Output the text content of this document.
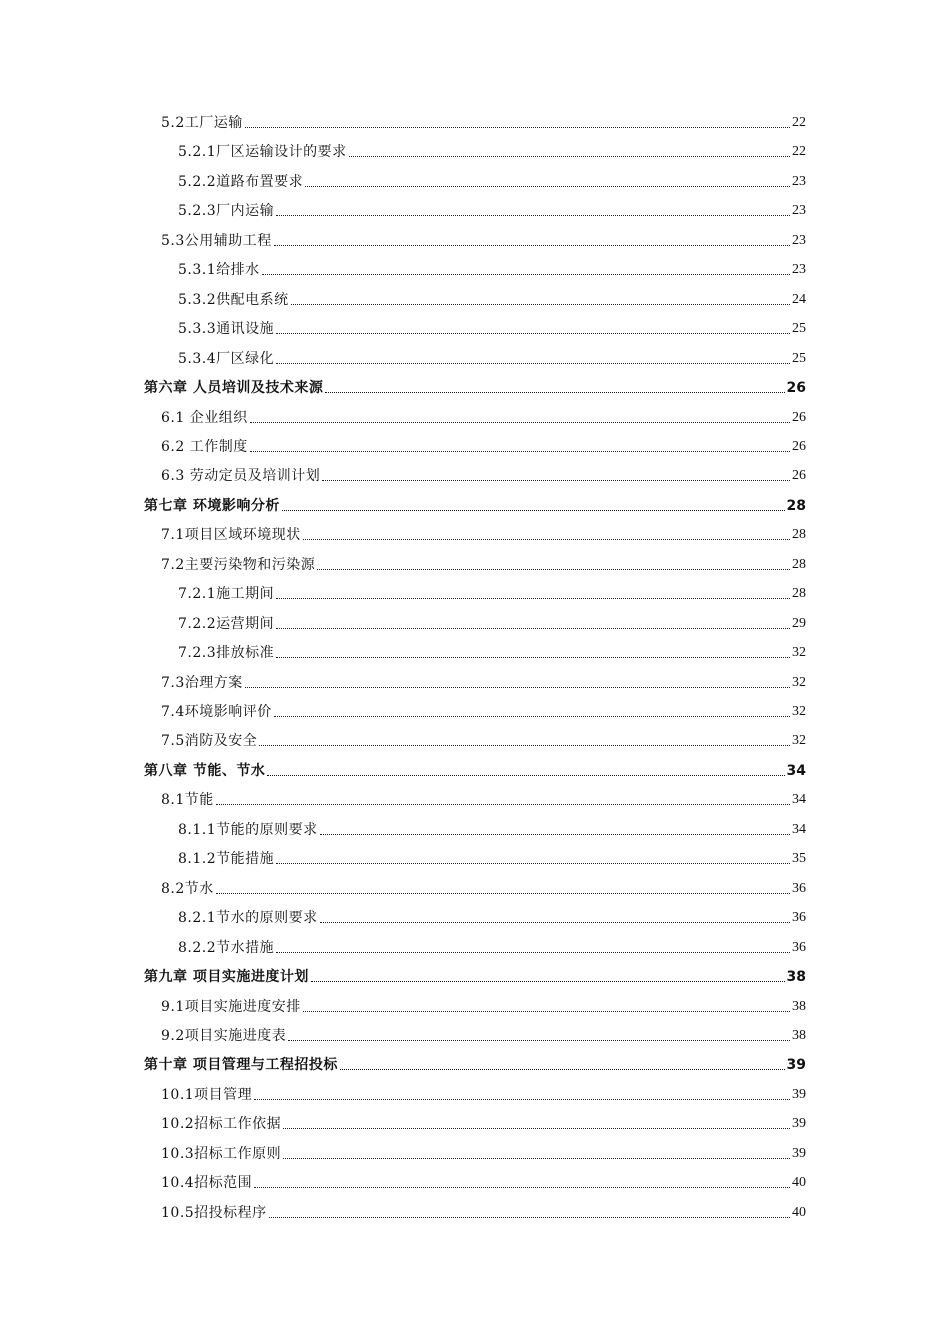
5.2工厂运输	22
5.2.1厂区运输设计的要求	22
5.2.2道路布置要求	23
5.2.3厂内运输	23
5.3公用辅助工程	23
5.3.1给排水	23
5.3.2供配电系统	24
5.3.3通讯设施	25
5.3.4厂区绿化	25
第六章 人员培训及技术来源	26
6.1 企业组织	26
6.2 工作制度	26
6.3 劳动定员及培训计划	26
第七章 环境影响分析	28
7.1项目区域环境现状	28
7.2主要污染物和污染源	28
7.2.1施工期间	28
7.2.2运营期间	29
7.2.3排放标准	32
7.3治理方案	32
7.4环境影响评价	32
7.5消防及安全	32
第八章 节能、节水	34
8.1节能	34
8.1.1节能的原则要求	34
8.1.2节能措施	35
8.2节水	36
8.2.1节水的原则要求	36
8.2.2节水措施	36
第九章 项目实施进度计划	38
9.1项目实施进度安排	38
9.2项目实施进度表	38
第十章 项目管理与工程招投标	39
10.1项目管理	39
10.2招标工作依据	39
10.3招标工作原则	39
10.4招标范围	40
10.5招投标程序	40
